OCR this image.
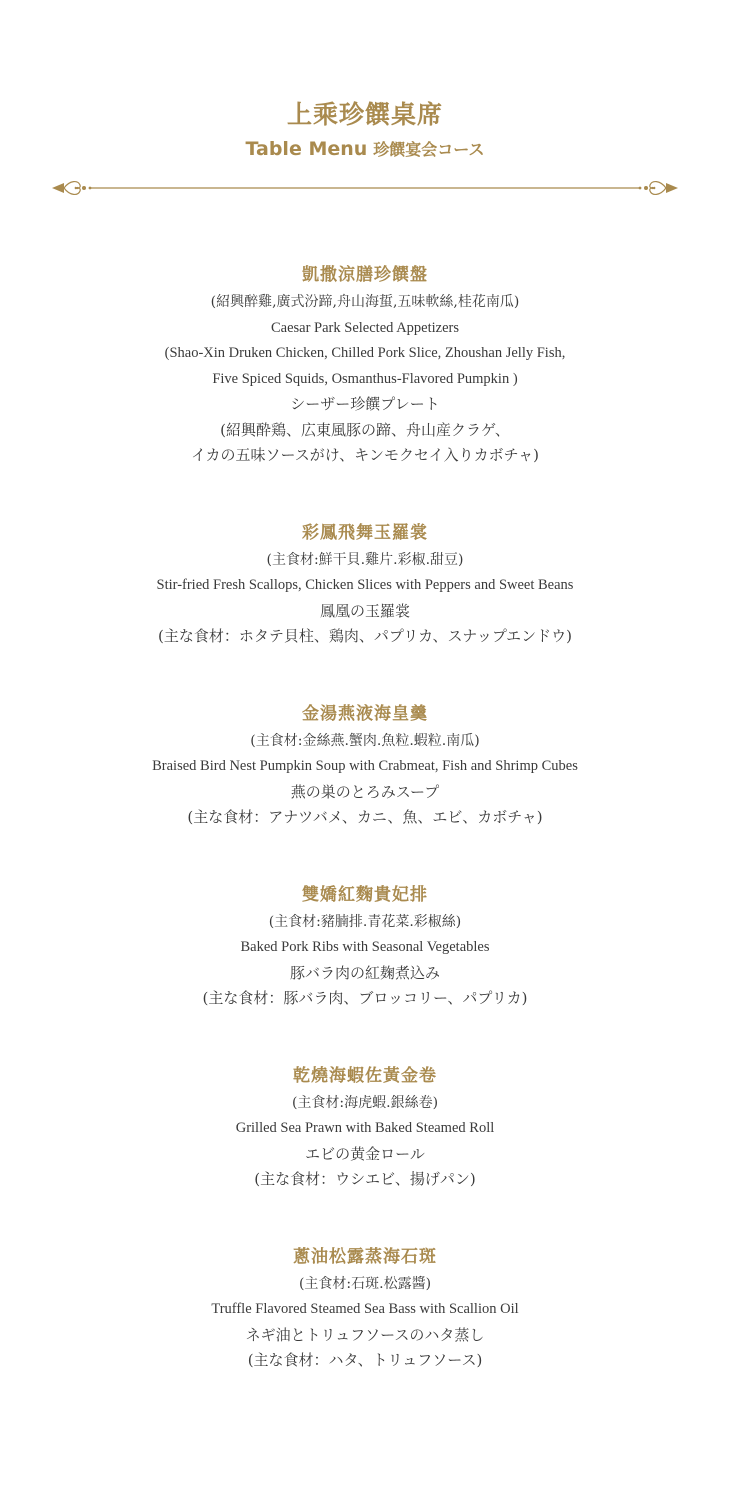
上乘珍饌桌席
Table Menu 珍饌宴会コース
凱撒涼膳珍饌盤
(紹興醉雞,廣式汾蹄,舟山海蜇,五味軟絲,桂花南瓜)
Caesar Park Selected Appetizers
(Shao-Xin Druken Chicken, Chilled Pork Slice, Zhoushan Jelly Fish,
Five Spiced Squids, Osmanthus-Flavored Pumpkin )
シーザー珍饌プレート
(紹興酔鶏、広東風豚の蹄、舟山産クラゲ、
イカの五味ソースがけ、キンモクセイ入りカボチャ)
彩鳳飛舞玉羅裳
(主食材:鮮干貝.雞片.彩椒.甜豆)
Stir-fried Fresh Scallops, Chicken Slices with Peppers and Sweet Beans
鳳凰の玉羅裳
(主な食材：ホタテ貝柱、鶏肉、パプリカ、スナップエンドウ)
金湯燕液海皇羹
(主食材:金絲燕.蟹肉.魚粒.蝦粒.南瓜)
Braised Bird Nest Pumpkin Soup with Crabmeat, Fish and Shrimp Cubes
燕の巣のとろみスープ
(主な食材：アナツバメ、カニ、魚、エビ、カボチャ)
雙嬌紅麴貴妃排
(主食材:豬腩排.青花菜.彩椒絲)
Baked Pork Ribs with Seasonal Vegetables
豚バラ肉の紅麹煮込み
(主な食材：豚バラ肉、ブロッコリー、パプリカ)
乾燒海蝦佐黃金卷
(主食材:海虎蝦.銀絲卷)
Grilled Sea Prawn with Baked Steamed Roll
エビの黄金ロール
(主な食材：ウシエビ、揚げパン)
蔥油松露蒸海石斑
(主食材:石斑.松露醬)
Truffle Flavored Steamed Sea Bass with Scallion Oil
ネギ油とトリュフソースのハタ蒸し
(主な食材：ハタ、トリュフソース)
